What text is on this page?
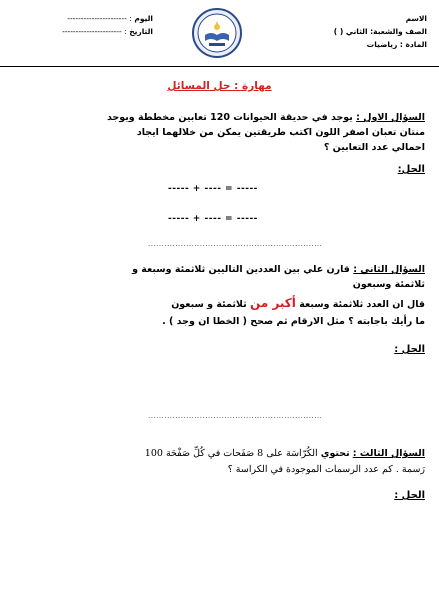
الاسم
الصف والشعبة: الثاني ( )
المادة : رياضيات
اليوم : ----------------------
التاريخ : ----------------------
مهارة : حل المسائل
السؤال الاول : يوجد في حديقة الحيوانات 120 تعابين مخططة ويوجد
منتان تعبان اصفر اللون اكتب طريقتين يمكن من خلالهما ايجاد
احمالي عدد التعابين ؟
الحل:
----- + ---- = -----
----- + ---- = -----
................................................................
السؤال الثاني : قارن علي بين العددين التاليين ثلاثمئة وسبعة و
ثلاثمئة وسبعون
قال ان العدد ثلاثمئة وسبعة أكبر من ثلاثمئة و سبعون
ما رأيك باجابته ؟ مثل الارقام ثم صحح ( الخطا ان وجد ) .
الحل :
................................................................
السؤال الثالث : تحتوي الكُرّاسَة على 8 صَفَحات في كُلِّ صَفْحَة 100
رَسمة . كم عدد الرسمات الموجودة في الكراسة ؟
الحل :
